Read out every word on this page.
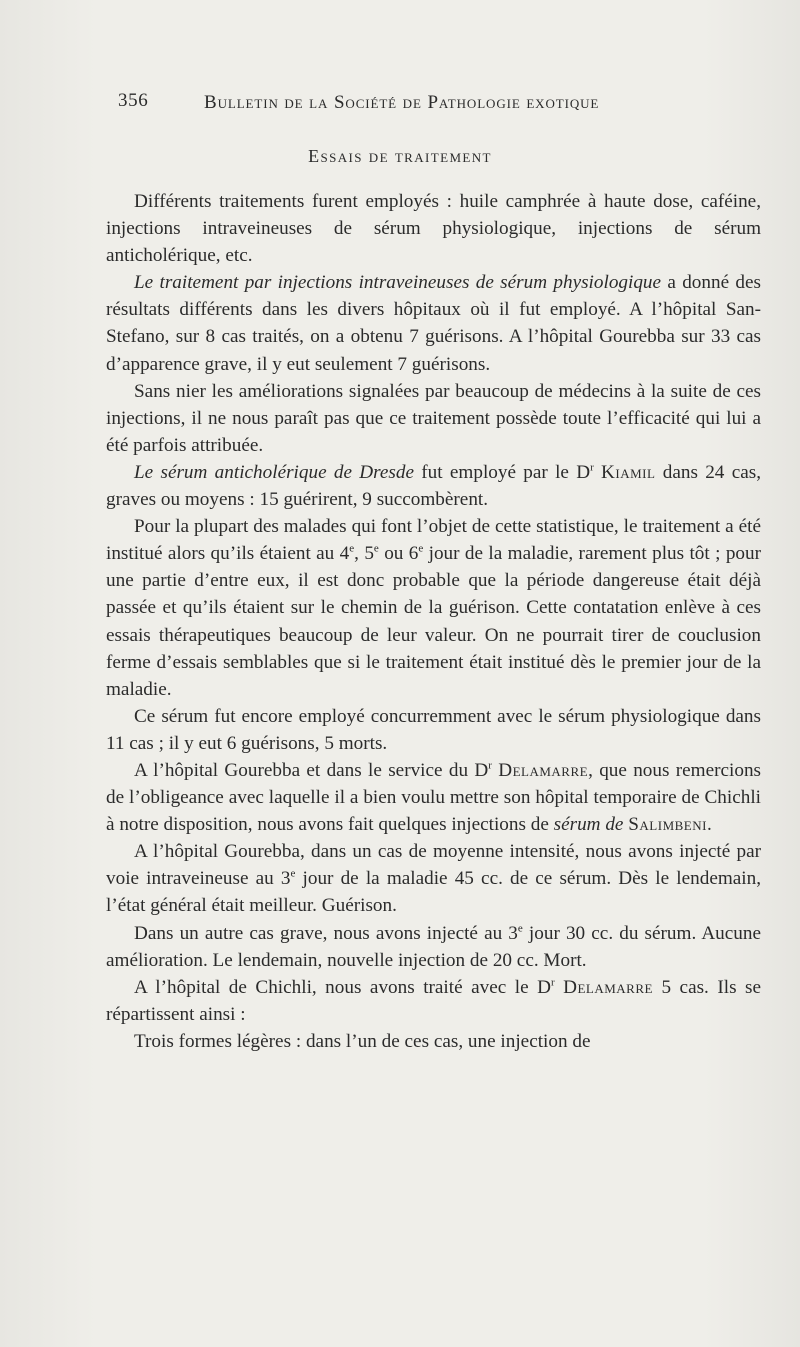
356	Bulletin de la Société de Pathologie exotique
Essais de traitement

Différents traitements furent employés : huile camphrée à haute dose, caféine, injections intraveineuses de sérum physiologique, injections de sérum anticholérique, etc.

Le traitement par injections intraveineuses de sérum physiologique a donné des résultats différents dans les divers hôpitaux où il fut employé. A l’hôpital San-Stefano, sur 8 cas traités, on a obtenu 7 guérisons. A l’hôpital Gourebba sur 33 cas d’apparence grave, il y eut seulement 7 guérisons.

Sans nier les améliorations signalées par beaucoup de médecins à la suite de ces injections, il ne nous paraît pas que ce traitement possède toute l’efficacité qui lui a été parfois attribuée.

Le sérum anticholérique de Dresde fut employé par le $D^r$ Kiamil dans 24 cas, graves ou moyens : 15 guérirent, 9 succombèrent.

Pour la plupart des malades qui font l’objet de cette statistique, le traitement a été institué alors qu’ils étaient au 4e, 5e ou 6e jour de la maladie, rarement plus tôt ; pour une partie d’entre eux, il est donc probable que la période dangereuse était déjà passée et qu’ils étaient sur le chemin de la guérison. Cette contatation enlève à ces essais thérapeutiques beaucoup de leur valeur. On ne pourrait tirer de couclusion ferme d’essais semblables que si le traitement était institué dès le premier jour de la maladie.

Ce sérum fut encore employé concurremment avec le sérum physiologique dans 11 cas ; il y eut 6 guérisons, 5 morts.

A l’hôpital Gourebba et dans le service du $D^r$ Delamarre, que nous remercions de l’obligeance avec laquelle il a bien voulu mettre son hôpital temporaire de Chichli à notre disposition, nous avons fait quelques injections de sérum de Salimbeni.

A l’hôpital Gourebba, dans un cas de moyenne intensité, nous avons injecté par voie intraveineuse au 3e jour de la maladie 45 cc. de ce sérum. Dès le lendemain, l’état général était meilleur. Guérison.

Dans un autre cas grave, nous avons injecté au 3e jour 30 cc. du sérum. Aucune amélioration. Le lendemain, nouvelle injection de 20 cc. Mort.

A l’hôpital de Chichli, nous avons traité avec le $D^r$ Delamarre 5 cas. Ils se répartissent ainsi :

Trois formes légères : dans l’un de ces cas, une injection de
